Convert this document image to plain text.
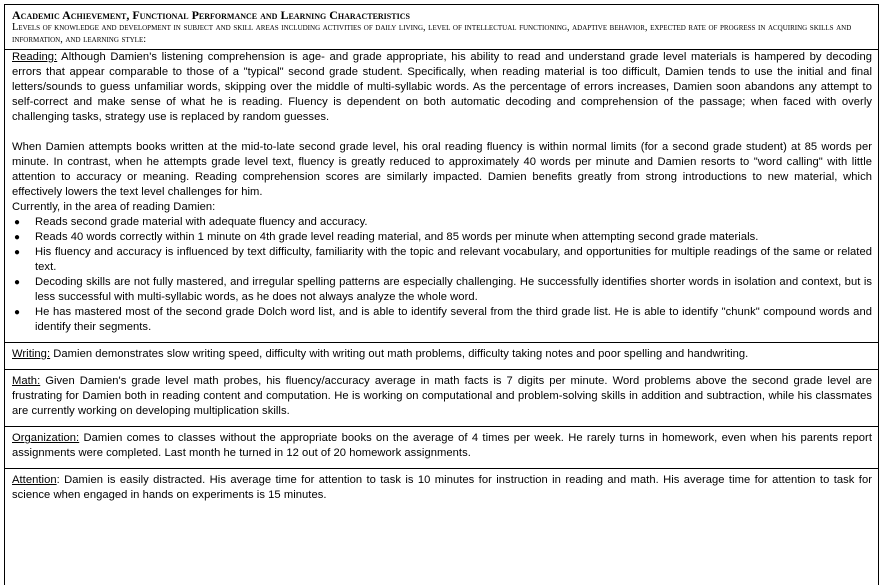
Academic Achievement, Functional Performance and Learning Characteristics
Levels of knowledge and development in subject and skill areas including activities of daily living, level of intellectual functioning, adaptive behavior, expected rate of progress in acquiring skills and information, and learning style:

Reading: Although Damien's listening comprehension is age- and grade appropriate, his ability to read and understand grade level materials is hampered by decoding errors that appear comparable to those of a "typical" second grade student. Specifically, when reading material is too difficult, Damien tends to use the initial and final letters/sounds to guess unfamiliar words, skipping over the middle of multi-syllabic words. As the percentage of errors increases, Damien soon abandons any attempt to self-correct and make sense of what he is reading. Fluency is dependent on both automatic decoding and comprehension of the passage; when faced with overly challenging tasks, strategy use is replaced by random guesses.

When Damien attempts books written at the mid-to-late second grade level, his oral reading fluency is within normal limits (for a second grade student) at 85 words per minute. In contrast, when he attempts grade level text, fluency is greatly reduced to approximately 40 words per minute and Damien resorts to "word calling" with little attention to accuracy or meaning. Reading comprehension scores are similarly impacted. Damien benefits greatly from strong introductions to new material, which effectively lowers the text level challenges for him.

Currently, in the area of reading Damien:

● Reads second grade material with adequate fluency and accuracy.
● Reads 40 words correctly within 1 minute on 4th grade level reading material, and 85 words per minute when attempting second grade materials.
● His fluency and accuracy is influenced by text difficulty, familiarity with the topic and relevant vocabulary, and opportunities for multiple readings of the same or related text.
● Decoding skills are not fully mastered, and irregular spelling patterns are especially challenging. He successfully identifies shorter words in isolation and context, but is less successful with multi-syllabic words, as he does not always analyze the whole word.
● He has mastered most of the second grade Dolch word list, and is able to identify several from the third grade list. He is able to identify "chunk" compound words and identify their segments.

Writing: Damien demonstrates slow writing speed, difficulty with writing out math problems, difficulty taking notes and poor spelling and handwriting.

Math: Given Damien's grade level math probes, his fluency/accuracy average in math facts is 7 digits per minute. Word problems above the second grade level are frustrating for Damien both in reading content and computation. He is working on computational and problem-solving skills in addition and subtraction, while his classmates are currently working on developing multiplication skills.

Organization: Damien comes to classes without the appropriate books on the average of 4 times per week. He rarely turns in homework, even when his parents report assignments were completed. Last month he turned in 12 out of 20 homework assignments.

Attention: Damien is easily distracted. His average time for attention to task is 10 minutes for instruction in reading and math. His average time for attention to task for science when engaged in hands on experiments is 15 minutes.
